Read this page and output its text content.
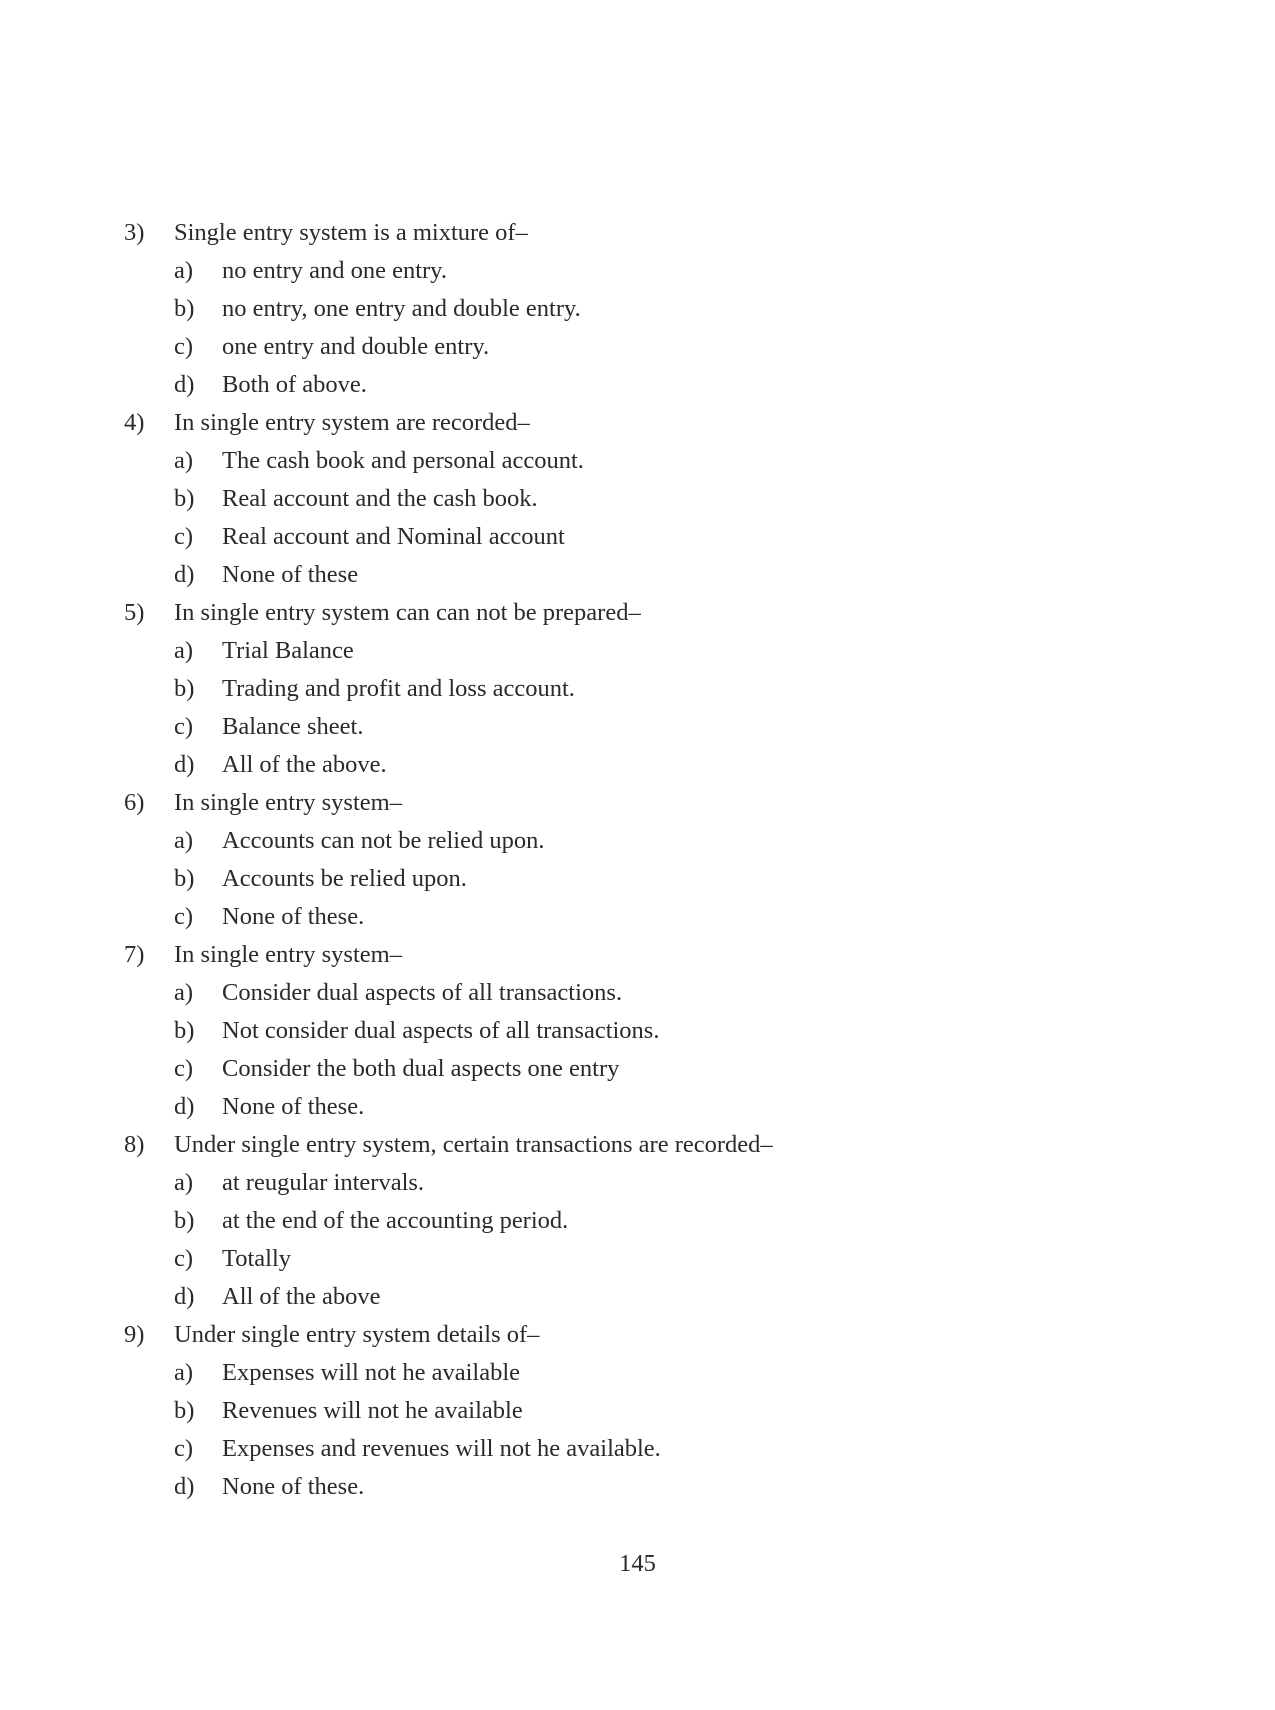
3) Single entry system is a mixture of–
a) no entry and one entry.
b) no entry, one entry and double entry.
c) one entry and double entry.
d) Both of above.
4) In single entry system are recorded–
a) The cash book and personal account.
b) Real account and the cash book.
c) Real account and Nominal account
d) None of these
5) In single entry system can can not be prepared–
a) Trial Balance
b) Trading and profit and loss account.
c) Balance sheet.
d) All of the above.
6) In single entry system–
a) Accounts can not be relied upon.
b) Accounts be relied upon.
c) None of these.
7) In single entry system–
a) Consider dual aspects of all transactions.
b) Not consider dual aspects of all transactions.
c) Consider the both dual aspects one entry
d) None of these.
8) Under single entry system, certain transactions are recorded–
a) at reugular intervals.
b) at the end of the accounting period.
c) Totally
d) All of the above
9) Under single entry system details of–
a) Expenses will not he available
b) Revenues will not he available
c) Expenses and revenues will not he available.
d) None of these.
145
